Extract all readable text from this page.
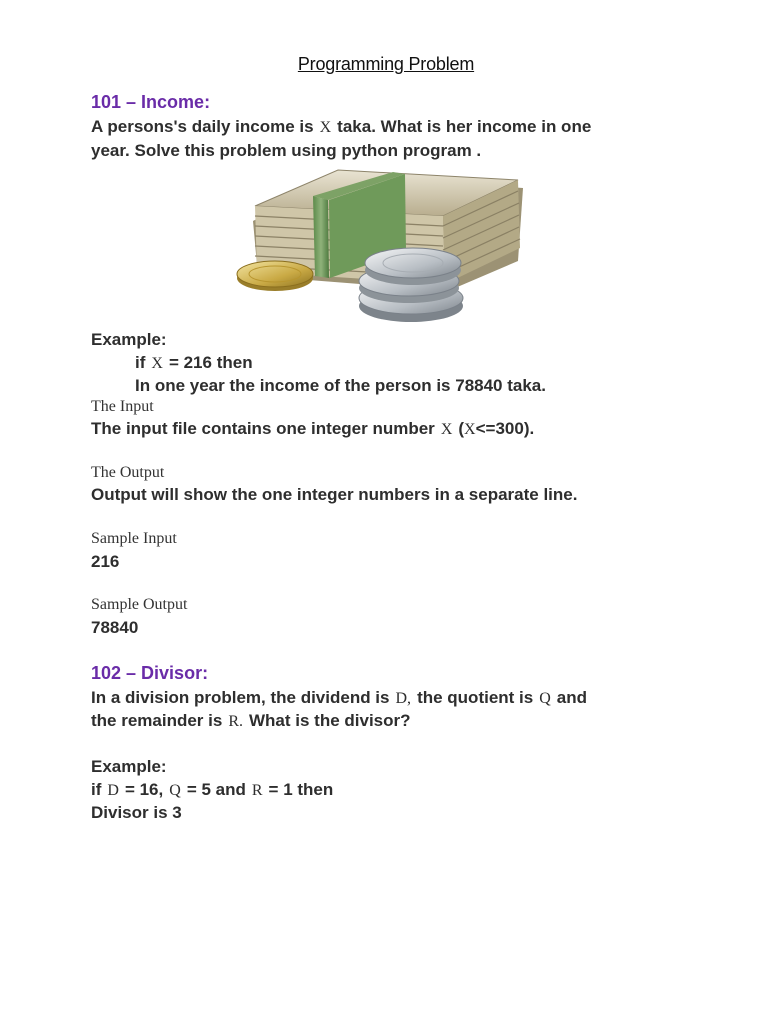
Programming Problem
101 – Income:
A persons's daily income is X taka. What is her income in one
year. Solve this problem using python program .
Example:
if X = 216 then
In one year the income of the person is 78840 taka.
The Input
The input file contains one integer number X (X<=300).
The Output
Output will show the one integer numbers in a separate line.
Sample Input
216
Sample Output
78840
102 – Divisor:
In a division problem, the dividend is D, the quotient is Q and
the remainder is R. What is the divisor?
Example:
if D = 16, Q = 5 and R = 1 then
Divisor is 3
